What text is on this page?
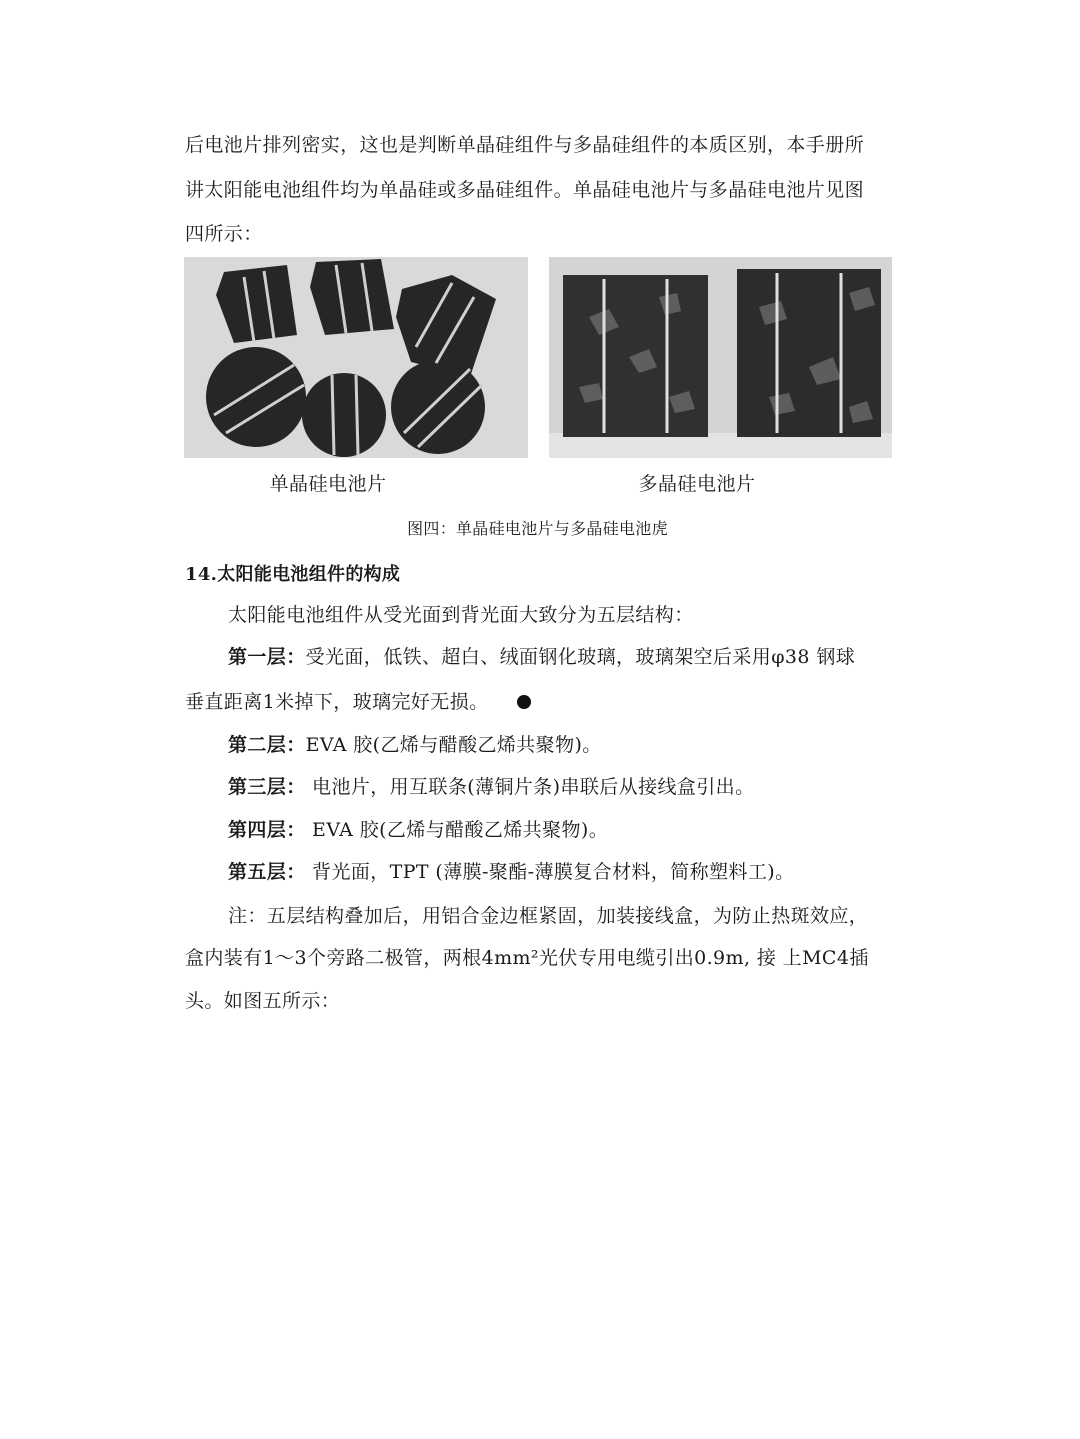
后电池片排列密实，这也是判断单晶硅组件与多晶硅组件的本质区别，本手册所
讲太阳能电池组件均为单晶硅或多晶硅组件。单晶硅电池片与多晶硅电池片见图
四所示：
单晶硅电池片	多晶硅电池片
图四：单晶硅电池片与多晶硅电池虎
14.太阳能电池组件的构成
太阳能电池组件从受光面到背光面大致分为五层结构：
第一层：受光面，低铁、超白、绒面钢化玻璃，玻璃架空后采用φ38 钢球
垂直距离1米掉下，玻璃完好无损。
第二层：EVA 胶(乙烯与醋酸乙烯共聚物)。
第三层： 电池片，用互联条(薄铜片条)串联后从接线盒引出。
第四层： EVA 胶(乙烯与醋酸乙烯共聚物)。
第五层： 背光面，TPT (薄膜-聚酯-薄膜复合材料，简称塑料工)。
注：五层结构叠加后，用铝合金边框紧固，加装接线盒，为防止热斑效应，
盒内装有1～3个旁路二极管，两根4mm²光伏专用电缆引出0.9m, 接 上MC4插
头。如图五所示：
